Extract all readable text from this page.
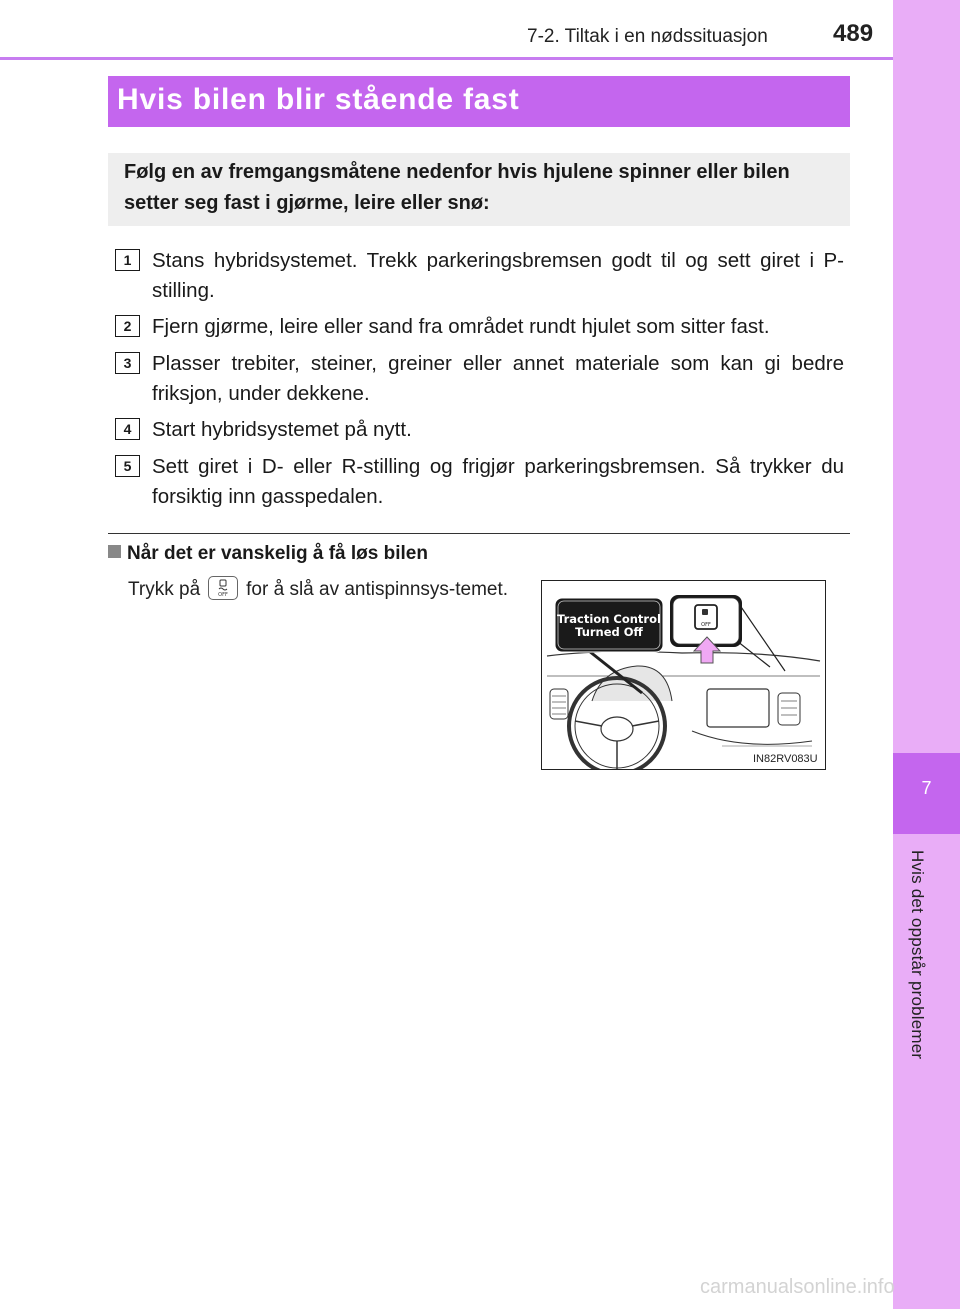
7-2. Tiltak i en nødssituasjon	489
7
Hvis det oppstår problemer
Hvis bilen blir stående fast

Følg en av fremgangsmåtene nedenfor hvis hjulene spinner eller bilen setter seg fast i gjørme, leire eller snø:

1	Stans hybridsystemet. Trekk parkeringsbremsen godt til og sett giret i P-stilling.
2	Fjern gjørme, leire eller sand fra området rundt hjulet som sitter fast.
3	Plasser trebiter, steiner, greiner eller annet materiale som kan gi bedre friksjon, under dekkene.
4	Start hybridsystemet på nytt.
5	Sett giret i D- eller R-stilling og frigjør parkeringsbremsen. Så trykker du forsiktig inn gasspedalen.
Når det er vanskelig å få løs bilen
Trykk på	OFF for å slå av antispinnsys-temet.
Traction Control
Turned Off	OFF
IN82RV083U
carmanualsonline.info
